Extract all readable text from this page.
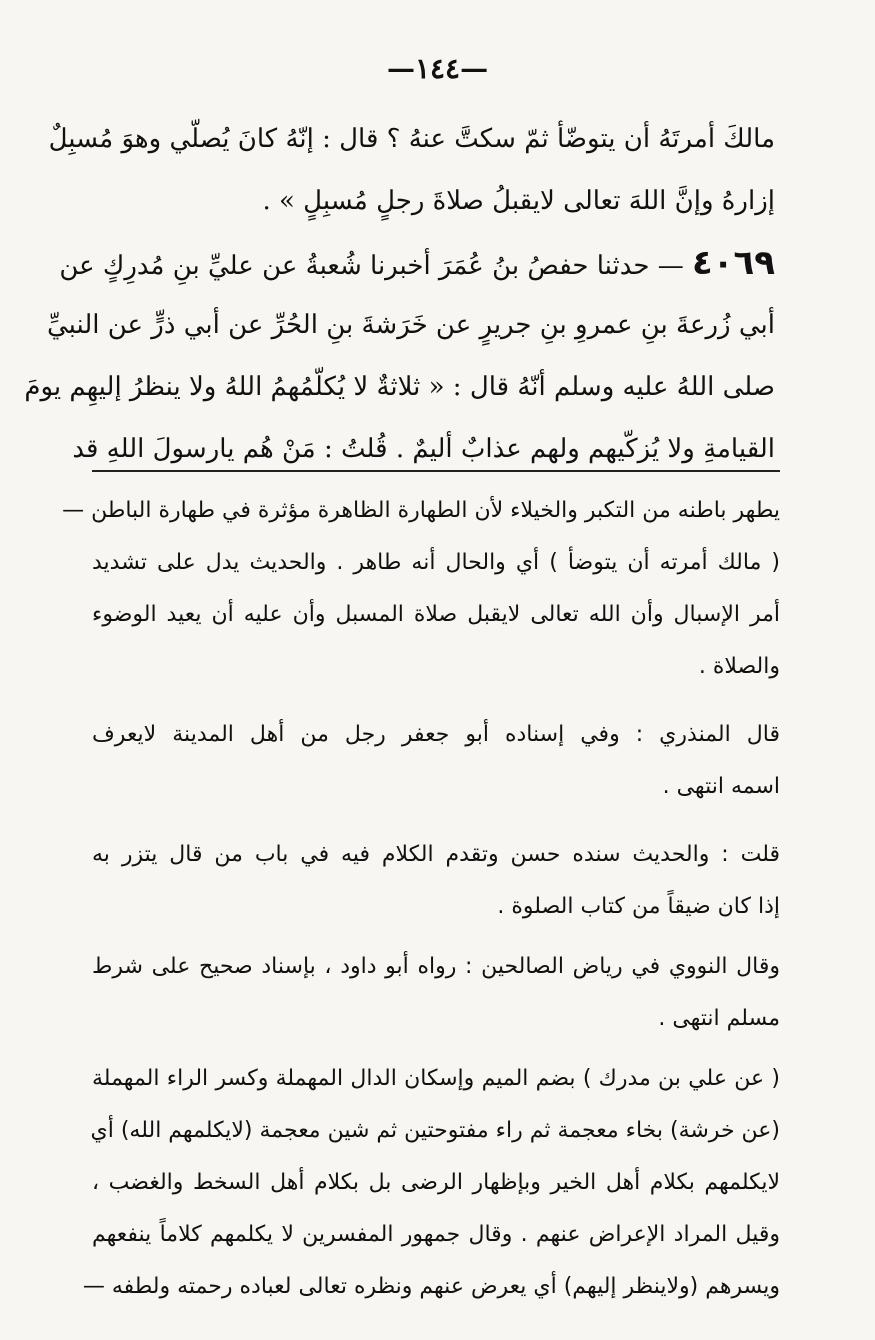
—١٤٤—
مالكَ أمرتَهُ أن يتوضّأ ثمّ سكتَّ عنهُ ؟ قال : إنّهُ كانَ يُصلّي وهوَ مُسبِلٌ
إزارهُ وإنَّ اللهَ تعالى لايقبلُ صلاةَ رجلٍ مُسبِلٍ » .
٤٠٦٩ — حدثنا حفصُ بنُ عُمَرَ أخبرنا شُعبةُ عن عليِّ بنِ مُدرِكٍ عن
أبي زُرعةَ بنِ عمروِ بنِ جريرٍ عن خَرَشةَ بنِ الحُرِّ عن أبي ذرٍّ عن النبيِّ
صلى اللهُ عليه وسلم أنّهُ قال : « ثلاثةٌ لا يُكلّمُهمُ اللهُ ولا ينظرُ إليهِم يومَ
القيامةِ ولا يُزكّيهم ولهم عذابٌ أليمٌ . قُلتُ : مَنْ هُم يارسولَ اللهِ قد
يطهر باطنه من التكبر والخيلاء لأن الطهارة الظاهرة مؤثرة في طهارة الباطن —
( مالك أمرته أن يتوضأ ) أي والحال أنه طاهر . والحديث يدل على تشديد
أمر الإسبال وأن الله تعالى لايقبل صلاة المسبل وأن عليه أن يعيد الوضوء
والصلاة .
قال المنذري : وفي إسناده أبو جعفر رجل من أهل المدينة لايعرف
اسمه انتهى .
قلت : والحديث سنده حسن وتقدم الكلام فيه في باب من قال يتزر به
إذا كان ضيقاً من كتاب الصلوة .
وقال النووي في رياض الصالحين : رواه أبو داود ، بإسناد صحيح على شرط
مسلم انتهى .
( عن علي بن مدرك ) بضم الميم وإسكان الدال المهملة وكسر الراء المهملة
(عن خرشة) بخاء معجمة ثم راء مفتوحتين ثم شين معجمة (لايكلمهم الله) أي
لايكلمهم بكلام أهل الخير وبإظهار الرضى بل بكلام أهل السخط والغضب ،
وقيل المراد الإعراض عنهم . وقال جمهور المفسرين لا يكلمهم كلاماً ينفعهم
ويسرهم (ولاينظر إليهم) أي يعرض عنهم ونظره تعالى لعباده رحمته ولطفه —
